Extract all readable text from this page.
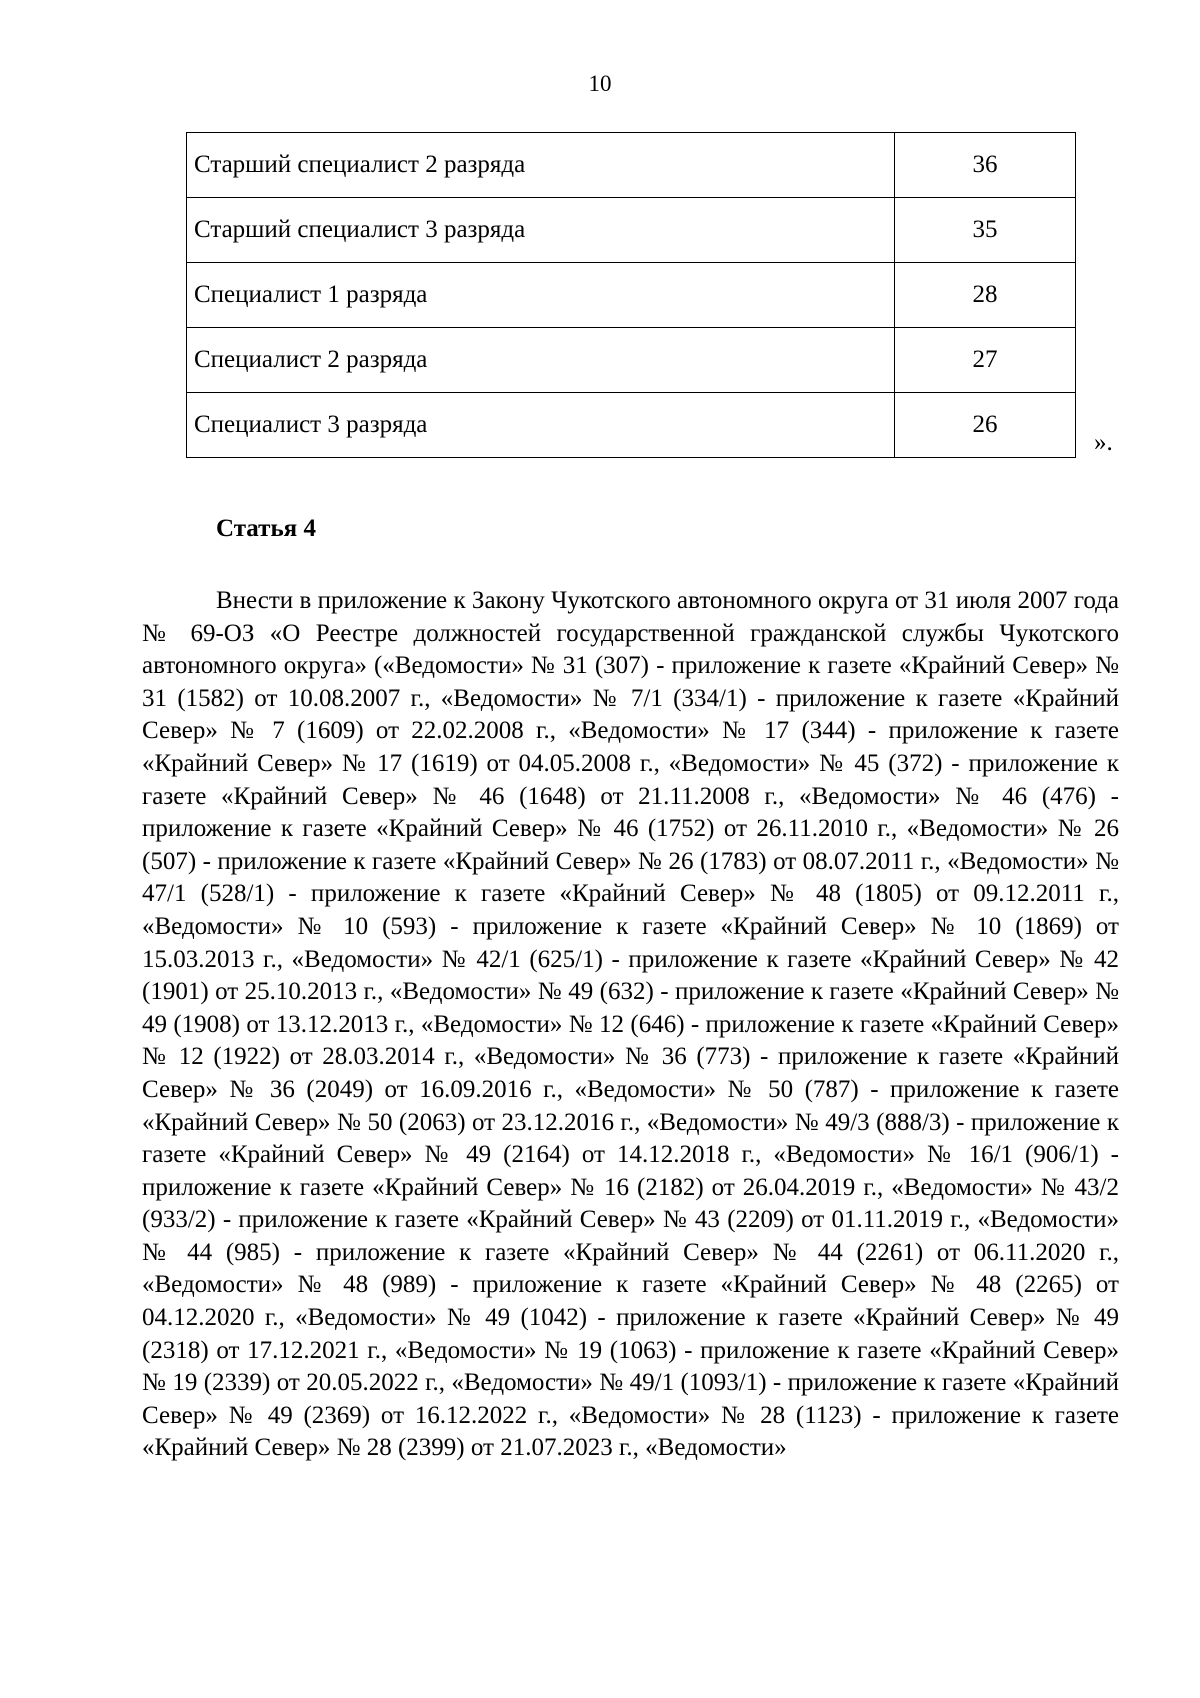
10
Старший специалист 2 разряда	36
Старший специалист 3 разряда	35
Специалист 1 разряда	28
Специалист 2 разряда	27
Специалист 3 разряда	26
».
Статья 4

Внести в приложение к Закону Чукотского автономного округа от 31 июля 2007 года № 69-ОЗ «О Реестре должностей государственной гражданской службы Чукотского автономного округа» («Ведомости» № 31 (307) - приложение к газете «Крайний Север» № 31 (1582) от 10.08.2007 г., «Ведомости» № 7/1 (334/1) - приложение к газете «Крайний Север» № 7 (1609) от 22.02.2008 г., «Ведомости» № 17 (344) - приложение к газете «Крайний Север» № 17 (1619) от 04.05.2008 г., «Ведомости» № 45 (372) - приложение к газете «Крайний Север» № 46 (1648) от 21.11.2008 г., «Ведомости» № 46 (476) - приложение к газете «Крайний Север» № 46 (1752) от 26.11.2010 г., «Ведомости» № 26 (507) - приложение к газете «Крайний Север» № 26 (1783) от 08.07.2011 г., «Ведомости» № 47/1 (528/1) - приложение к газете «Крайний Север» № 48 (1805) от 09.12.2011 г., «Ведомости» № 10 (593) - приложение к газете «Крайний Север» № 10 (1869) от 15.03.2013 г., «Ведомости» № 42/1 (625/1) - приложение к газете «Крайний Север» № 42 (1901) от 25.10.2013 г., «Ведомости» № 49 (632) - приложение к газете «Крайний Север» № 49 (1908) от 13.12.2013 г., «Ведомости» № 12 (646) - приложение к газете «Крайний Север» № 12 (1922) от 28.03.2014 г., «Ведомости» № 36 (773) - приложение к газете «Крайний Север» № 36 (2049) от 16.09.2016 г., «Ведомости» № 50 (787) - приложение к газете «Крайний Север» № 50 (2063) от 23.12.2016 г., «Ведомости» № 49/3 (888/3) - приложение к газете «Крайний Север» № 49 (2164) от 14.12.2018 г., «Ведомости» № 16/1 (906/1) - приложение к газете «Крайний Север» № 16 (2182) от 26.04.2019 г., «Ведомости» № 43/2 (933/2) - приложение к газете «Крайний Север» № 43 (2209) от 01.11.2019 г., «Ведомости» № 44 (985) - приложение к газете «Крайний Север» № 44 (2261) от 06.11.2020 г., «Ведомости» № 48 (989) - приложение к газете «Крайний Север» № 48 (2265) от 04.12.2020 г., «Ведомости» № 49 (1042) - приложение к газете «Крайний Север» № 49 (2318) от 17.12.2021 г., «Ведомости» № 19 (1063) - приложение к газете «Крайний Север» № 19 (2339) от 20.05.2022 г., «Ведомости» № 49/1 (1093/1) - приложение к газете «Крайний Север» № 49 (2369) от 16.12.2022 г., «Ведомости» № 28 (1123) - приложение к газете «Крайний Север» № 28 (2399) от 21.07.2023 г., «Ведомости»
